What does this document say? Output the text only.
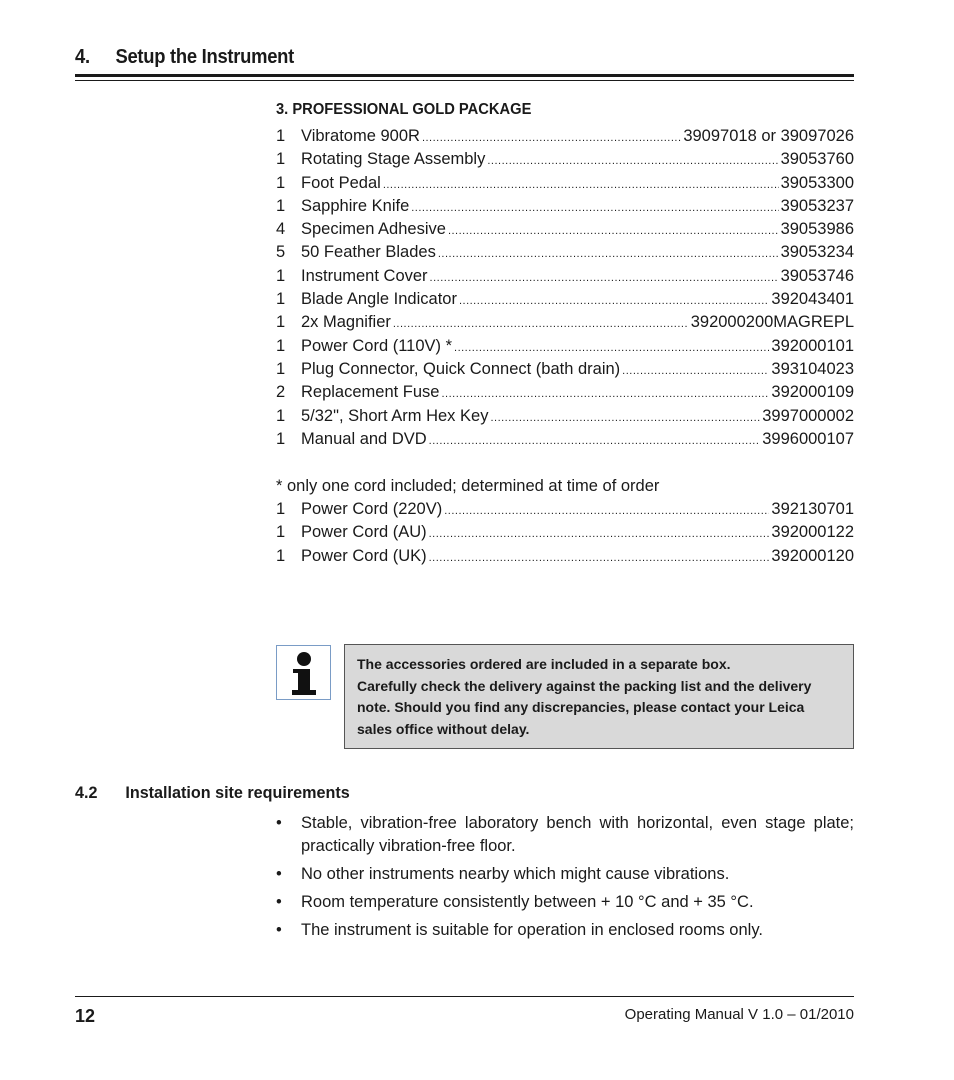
4. Setup the Instrument
3. PROFESSIONAL GOLD PACKAGE
1 Vibratome 900R .....	39097018 or 39097026
1 Rotating Stage Assembly .....	39053760
1 Foot Pedal .....	39053300
1 Sapphire Knife .....	39053237
4 Specimen Adhesive .....	39053986
5 50 Feather Blades .....	39053234
1 Instrument Cover .....	39053746
1 Blade Angle Indicator .....	392043401
1 2x Magnifier .....	392000200MAGREPL
1 Power Cord (110V) * .....	392000101
1 Plug Connector, Quick Connect (bath drain) .....	393104023
2 Replacement Fuse .....	392000109
1 5/32", Short Arm Hex Key .....	3997000002
1 Manual and DVD .....	3996000107
* only one cord included; determined at time of order
1 Power Cord (220V) .....	392130701
1 Power Cord (AU) .....	392000122
1 Power Cord (UK) .....	392000120

The accessories ordered are included in a separate box.

Carefully check the delivery against the packing list and the delivery note. Should you find any discrepancies, please contact your Leica sales office without delay.

4.2 Installation site requirements
• Stable, vibration-free laboratory bench with horizontal, even stage plate; practically vibration-free floor.
• No other instruments nearby which might cause vibrations.
• Room temperature consistently between + 10 °C and + 35 °C.
• The instrument is suitable for operation in enclosed rooms only.
12	Operating Manual V 1.0 – 01/2010
